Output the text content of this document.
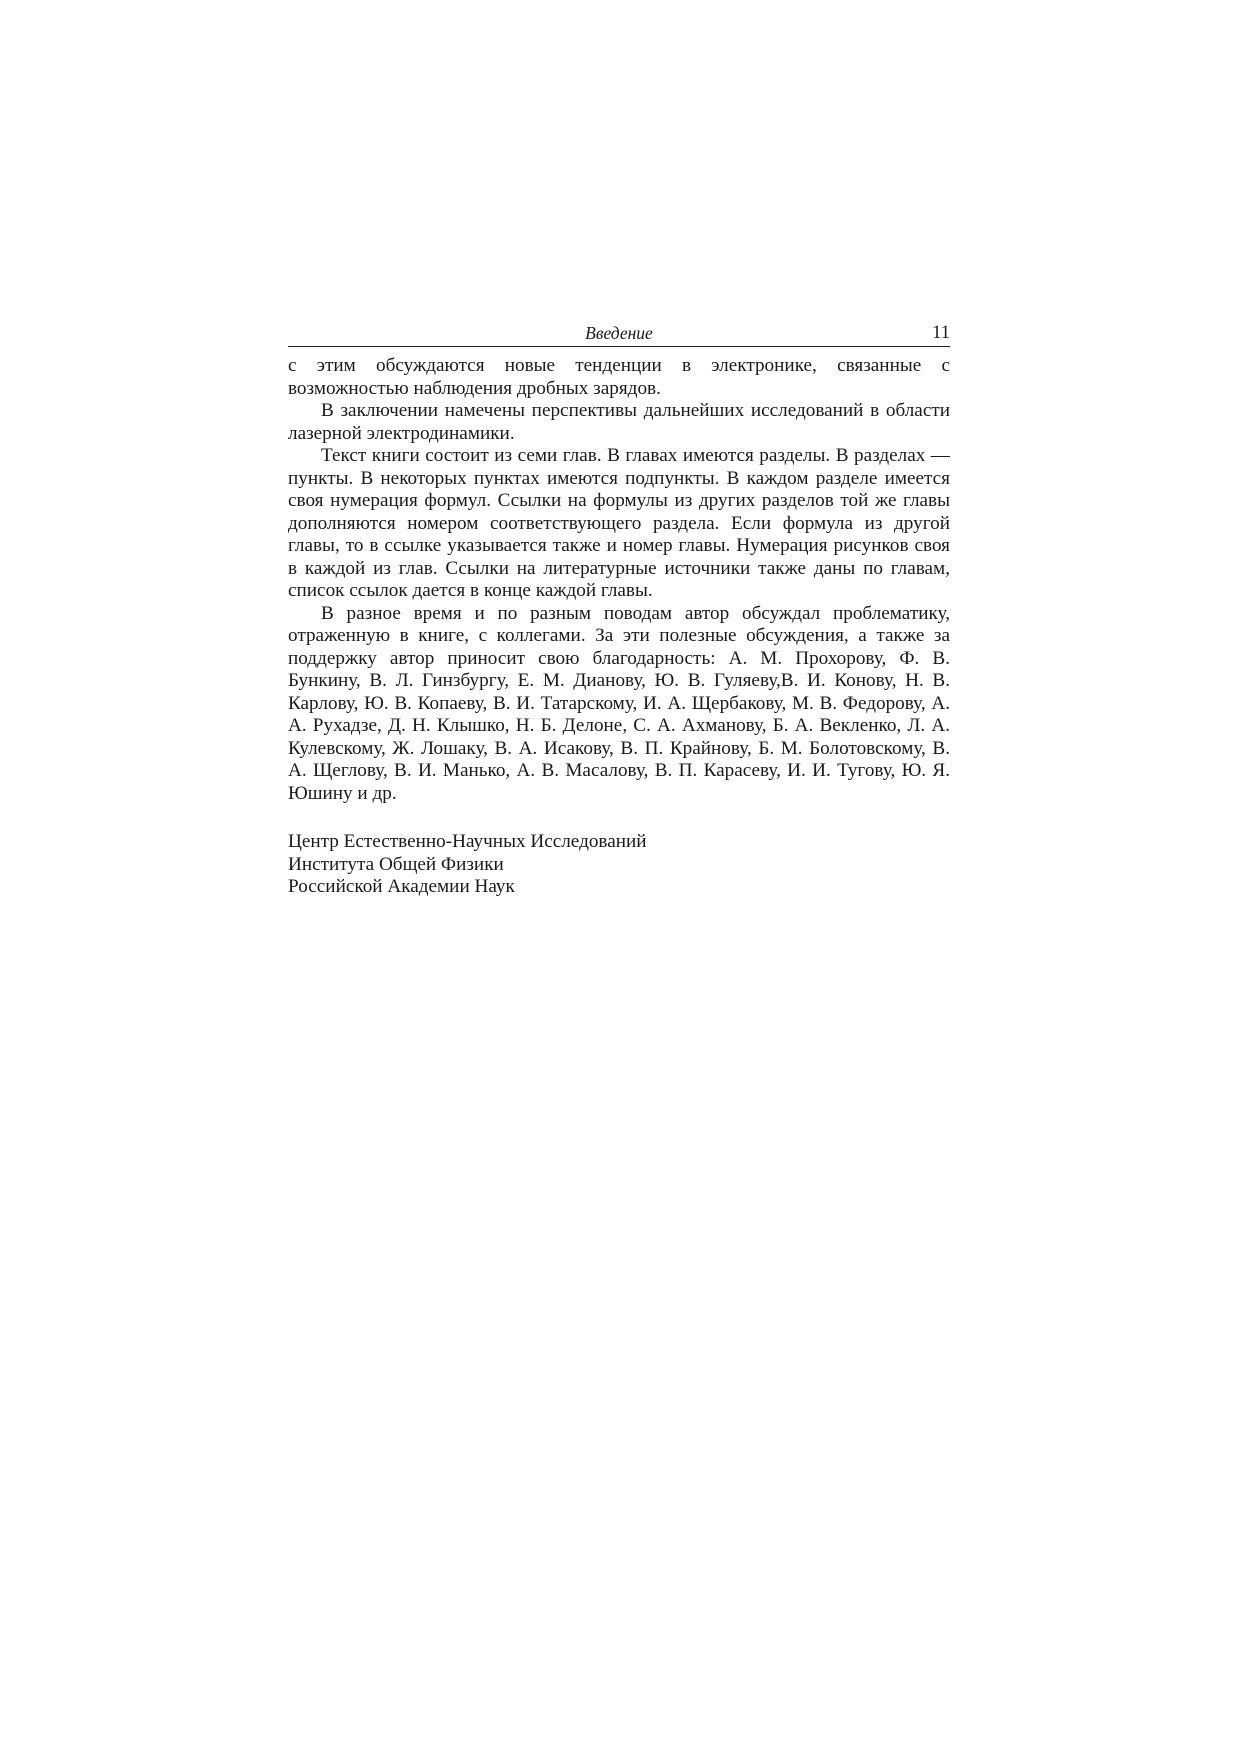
Введение	11

с этим обсуждаются новые тенденции в электронике, связанные с возможностью наблюдения дробных зарядов.

В заключении намечены перспективы дальнейших исследований в области лазерной электродинамики.

Текст книги состоит из семи глав. В главах имеются разделы. В разделах — пункты. В некоторых пунктах имеются подпункты. В каждом разделе имеется своя нумерация формул. Ссылки на формулы из других разделов той же главы дополняются номером соответствующего раздела. Если формула из другой главы, то в ссылке указывается также и номер главы. Нумерация рисунков своя в каждой из глав. Ссылки на литературные источники также даны по главам, список ссылок дается в конце каждой главы.

В разное время и по разным поводам автор обсуждал проблематику, отраженную в книге, с коллегами. За эти полезные обсуждения, а также за поддержку автор приносит свою благодарность: А. М. Прохорову, Ф. В. Бункину, В. Л. Гинзбургу, Е. М. Дианову, Ю. В. Гуляеву,В. И. Конову, Н. В. Карлову, Ю. В. Копаеву, В. И. Татарскому, И. А. Щербакову, М. В. Федорову, А. А. Рухадзе, Д. Н. Клышко, Н. Б. Делоне, С. А. Ахманову, Б. А. Векленко, Л. А. Кулевскому, Ж. Лошаку, В. А. Исакову, В. П. Крайнову, Б. М. Болотовскому, В. А. Щеглову, В. И. Манько, А. В. Масалову, В. П. Карасеву, И. И. Тугову, Ю. Я. Юшину и др.

Центр Естественно-Научных Исследований
Института Общей Физики
Российской Академии Наук
